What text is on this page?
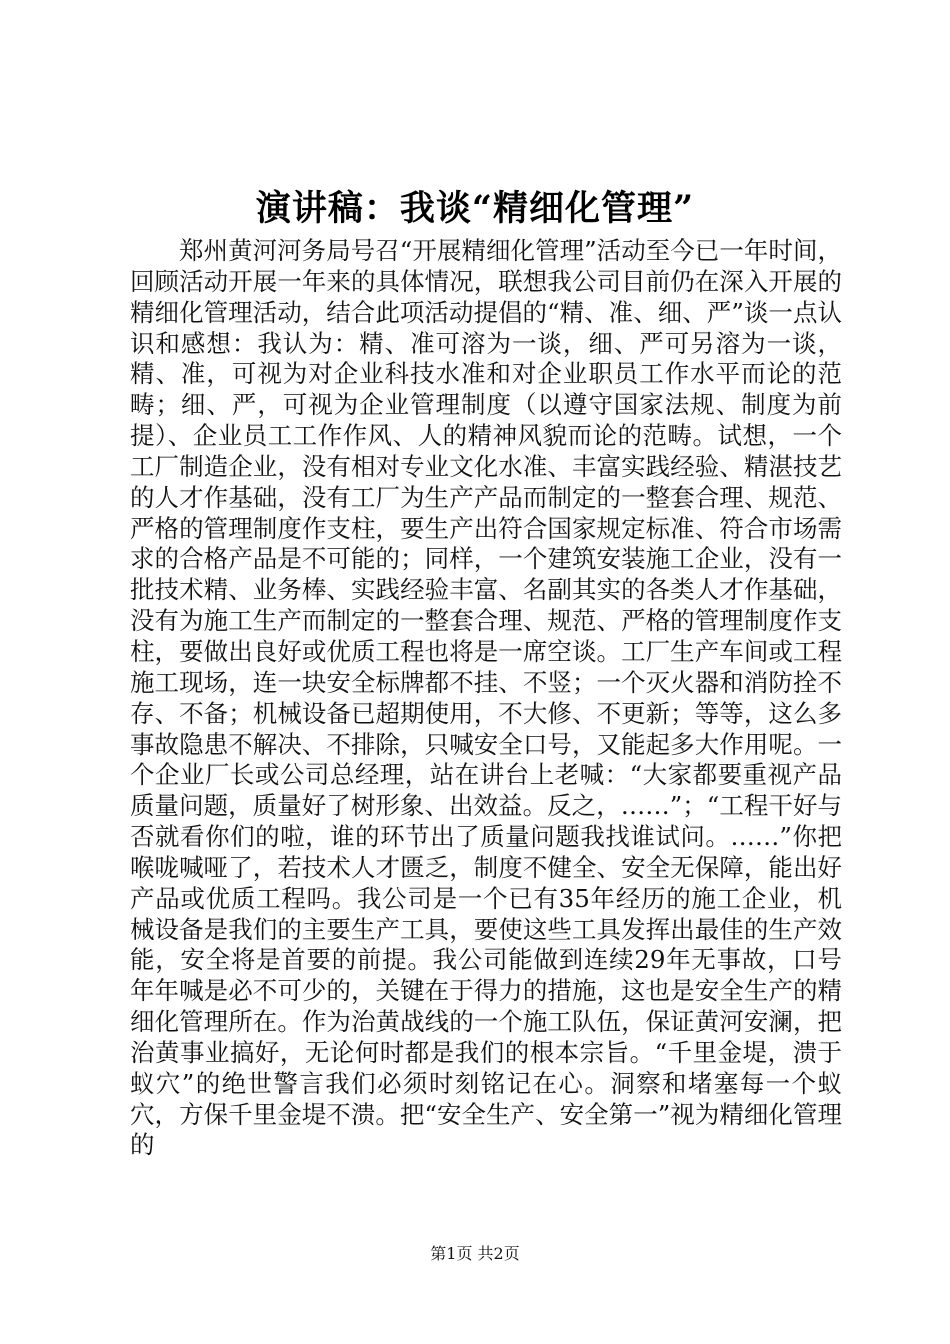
演讲稿：我谈“精细化管理”

郑州黄河河务局号召“开展精细化管理”活动至今已一年时间，回顾活动开展一年来的具体情况，联想我公司目前仍在深入开展的精细化管理活动，结合此项活动提倡的“精、准、细、严”谈一点认识和感想：我认为：精、准可溶为一谈，细、严可另溶为一谈，精、准，可视为对企业科技水准和对企业职员工作水平而论的范畴；细、严，可视为企业管理制度（以遵守国家法规、制度为前提）、企业员工工作作风、人的精神风貌而论的范畴。试想，一个工厂制造企业，没有相对专业文化水准、丰富实践经验、精湛技艺的人才作基础，没有工厂为生产产品而制定的一整套合理、规范、严格的管理制度作支柱，要生产出符合国家规定标准、符合市场需求的合格产品是不可能的；同样，一个建筑安装施工企业，没有一批技术精、业务棒、实践经验丰富、名副其实的各类人才作基础，没有为施工生产而制定的一整套合理、规范、严格的管理制度作支柱，要做出良好或优质工程也将是一席空谈。工厂生产车间或工程施工现场，连一块安全标牌都不挂、不竖；一个灭火器和消防拴不存、不备；机械设备已超期使用，不大修、不更新；等等，这么多事故隐患不解决、不排除，只喊安全口号，又能起多大作用呢。一个企业厂长或公司总经理，站在讲台上老喊：“大家都要重视产品质量问题，质量好了树形象、出效益。反之，……”；“工程干好与否就看你们的啦，谁的环节出了质量问题我找谁试问。……”你把喉咙喊哑了，若技术人才匮乏，制度不健全、安全无保障，能出好产品或优质工程吗。我公司是一个已有35年经历的施工企业，机械设备是我们的主要生产工具，要使这些工具发挥出最佳的生产效能，安全将是首要的前提。我公司能做到连续29年无事故，口号年年喊是必不可少的，关键在于得力的措施，这也是安全生产的精细化管理所在。作为治黄战线的一个施工队伍，保证黄河安澜，把治黄事业搞好，无论何时都是我们的根本宗旨。“千里金堤，溃于蚁穴”的绝世警言我们必须时刻铭记在心。洞察和堵塞每一个蚁穴，方保千里金堤不溃。把“安全生产、安全第一”视为精细化管理的

第1页 共2页
